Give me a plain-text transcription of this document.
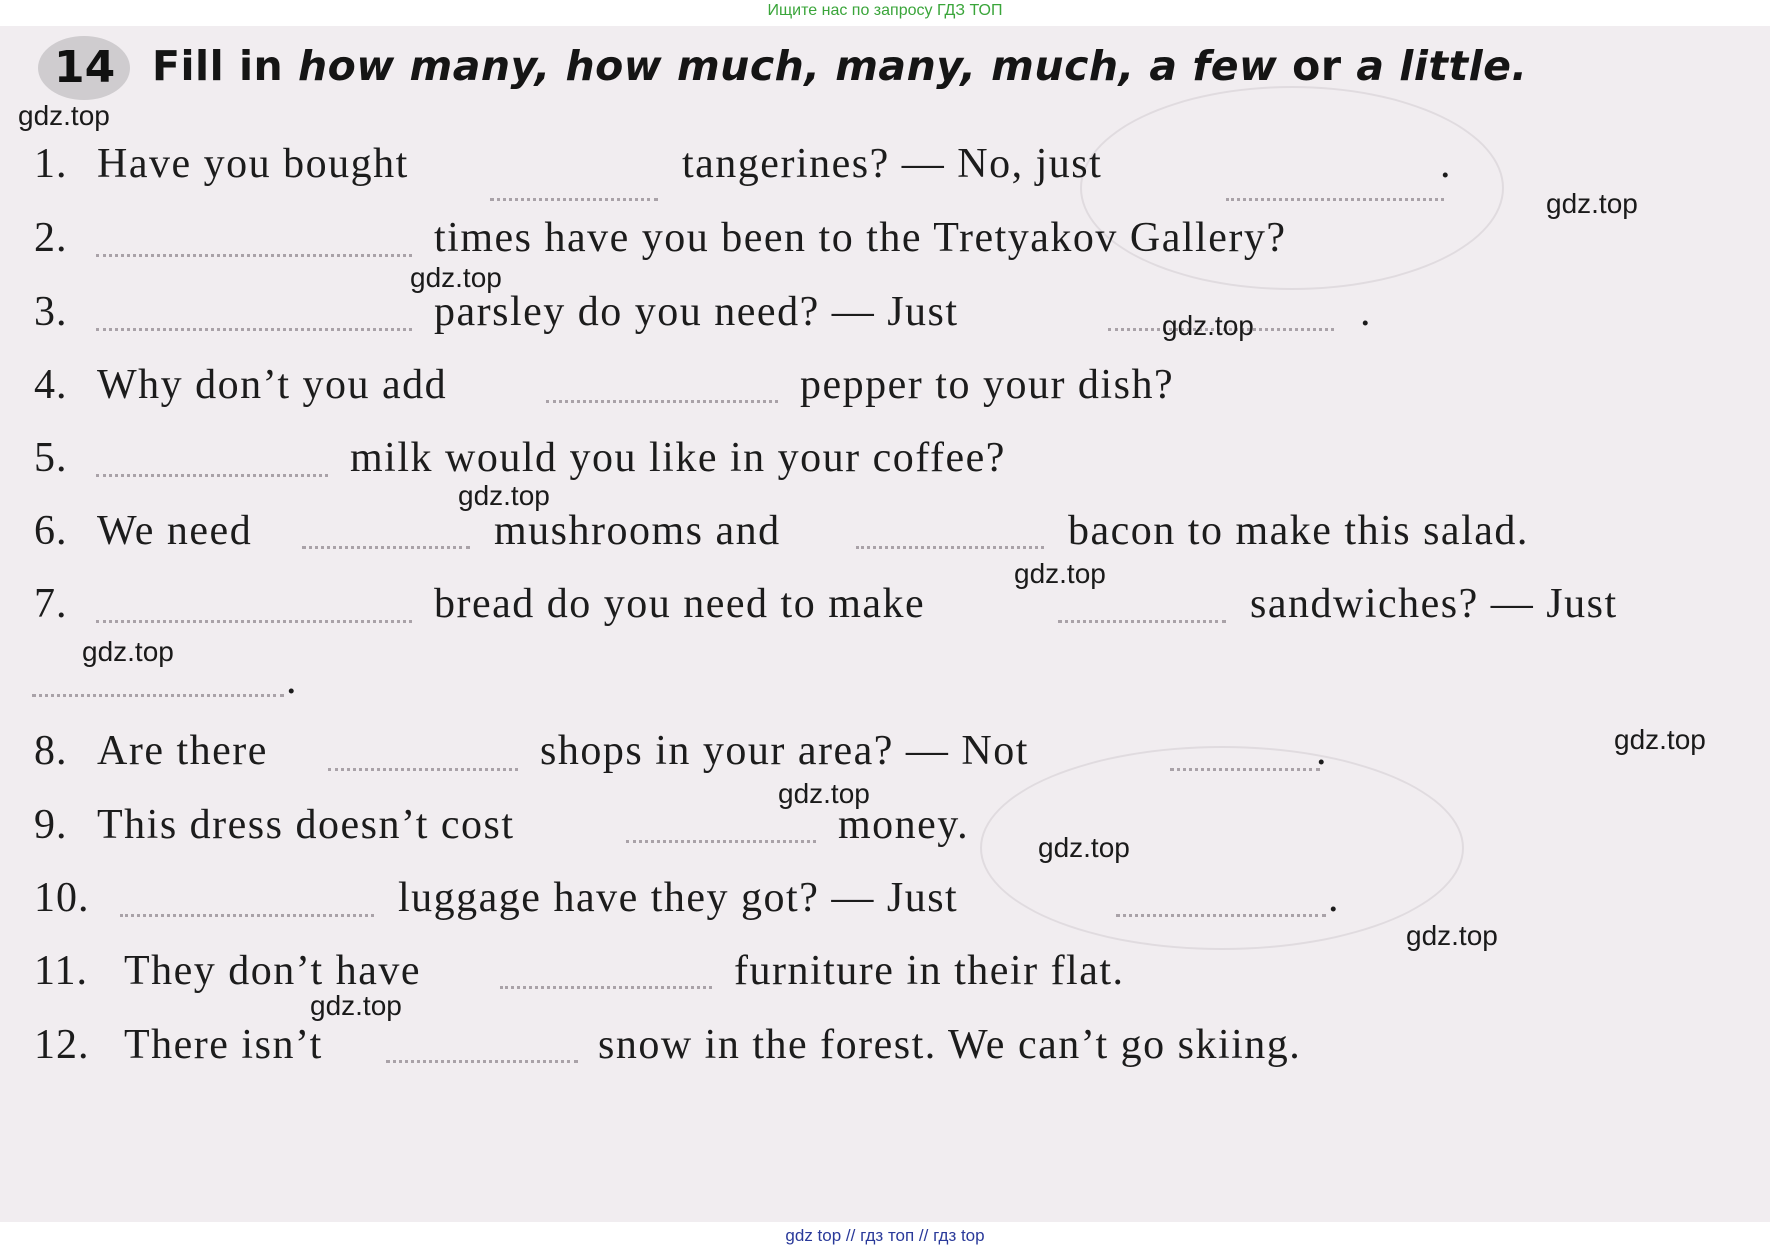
Ищите нас по запросу ГДЗ ТОП
14 Fill in how many, how much, many, much, a few or a little.
1. Have you bought	tangerines? — No, just	.
2.	times have you been to the Tretyakov Gallery?
3.	parsley do you need? — Just	.
4. Why don’t you add	pepper to your dish?
5.	milk would you like in your coffee?
6. We need	mushrooms and	bacon to make this salad.
7.	bread do you need to make	sandwiches? — Just
.
8. Are there	shops in your area? — Not	.
9. This dress doesn’t cost	money.
10.	luggage have they got? — Just	.
11. They don’t have	furniture in their flat.
12. There isn’t	snow in the forest. We can’t go skiing.
gdz.top
gdz.top
gdz.top
gdz.top
gdz.top
gdz.top
gdz.top
gdz.top
gdz.top
gdz.top
gdz.top
gdz.top
gdz top // гдз топ // гдз top
